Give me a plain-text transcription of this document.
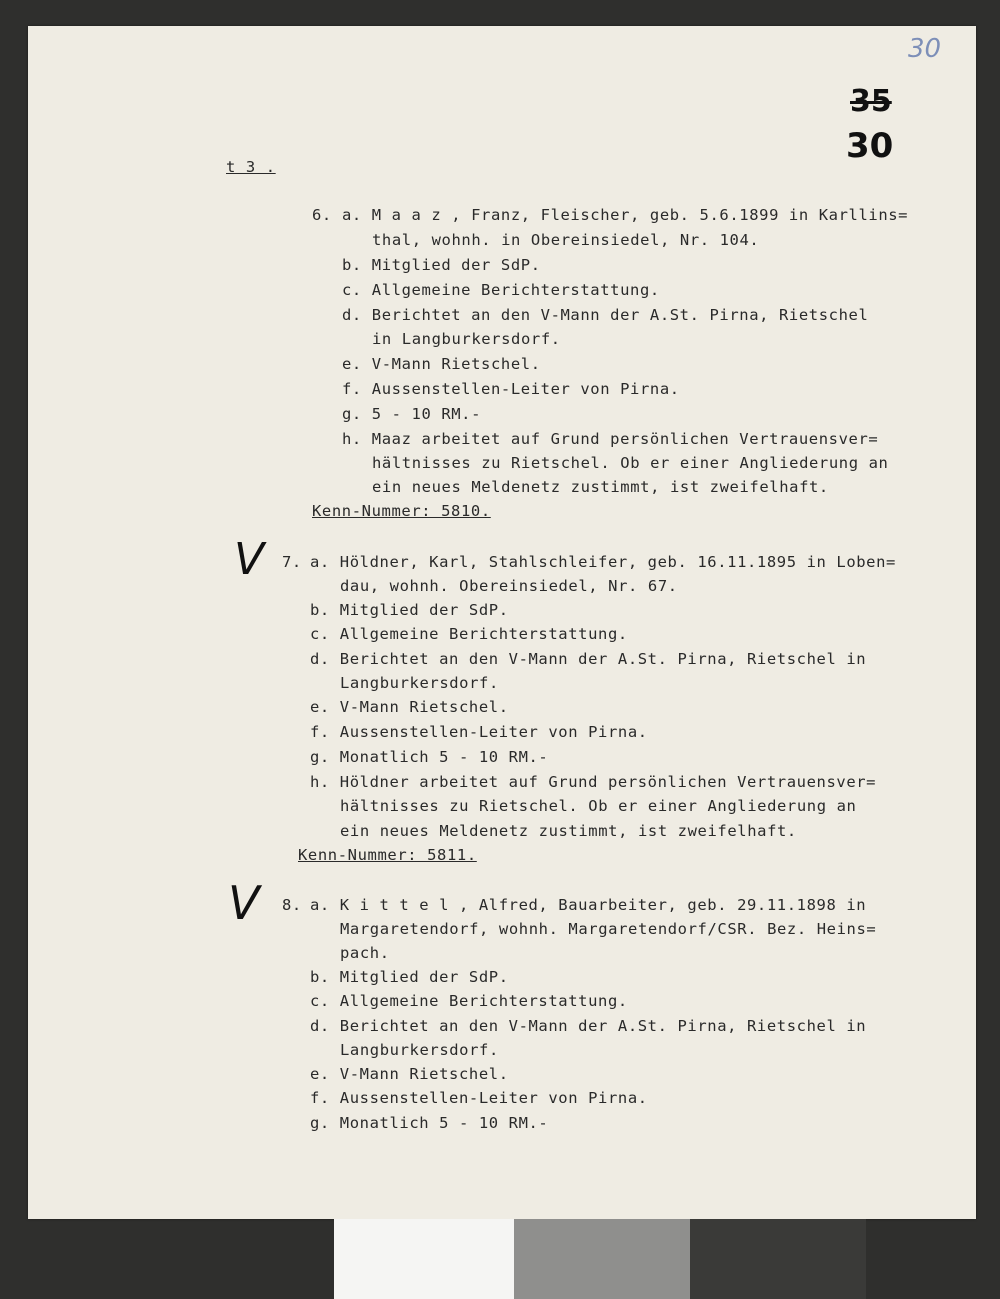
30
35
30
t 3 .
6. a. M a a z , Franz, Fleischer, geb. 5.6.1899 in Karllins=
thal, wohnh. in Obereinsiedel, Nr. 104.
b. Mitglied der SdP.
c. Allgemeine Berichterstattung.
d. Berichtet an den V-Mann der A.St. Pirna, Rietschel
in Langburkersdorf.
e. V-Mann Rietschel.
f. Aussenstellen-Leiter von Pirna.
g. 5 - 10 RM.-
h. Maaz arbeitet auf Grund persönlichen Vertrauensver=
hältnisses zu Rietschel. Ob er einer Angliederung an
ein neues Meldenetz zustimmt, ist zweifelhaft.
Kenn-Nummer: 5810.
V 7. a. Höldner, Karl, Stahlschleifer, geb. 16.11.1895 in Loben=
dau, wohnh. Obereinsiedel, Nr. 67.
b. Mitglied der SdP.
c. Allgemeine Berichterstattung.
d. Berichtet an den V-Mann der A.St. Pirna, Rietschel in
Langburkersdorf.
e. V-Mann Rietschel.
f. Aussenstellen-Leiter von Pirna.
g. Monatlich 5 - 10 RM.-
h. Höldner arbeitet auf Grund persönlichen Vertrauensver=
hältnisses zu Rietschel. Ob er einer Angliederung an
ein neues Meldenetz zustimmt, ist zweifelhaft.
Kenn-Nummer: 5811.
V 8. a. K i t t e l , Alfred, Bauarbeiter, geb. 29.11.1898 in
Margaretendorf, wohnh. Margaretendorf/CSR. Bez. Heins=
pach.
b. Mitglied der SdP.
c. Allgemeine Berichterstattung.
d. Berichtet an den V-Mann der A.St. Pirna, Rietschel in
Langburkersdorf.
e. V-Mann Rietschel.
f. Aussenstellen-Leiter von Pirna.
g. Monatlich 5 - 10 RM.-
